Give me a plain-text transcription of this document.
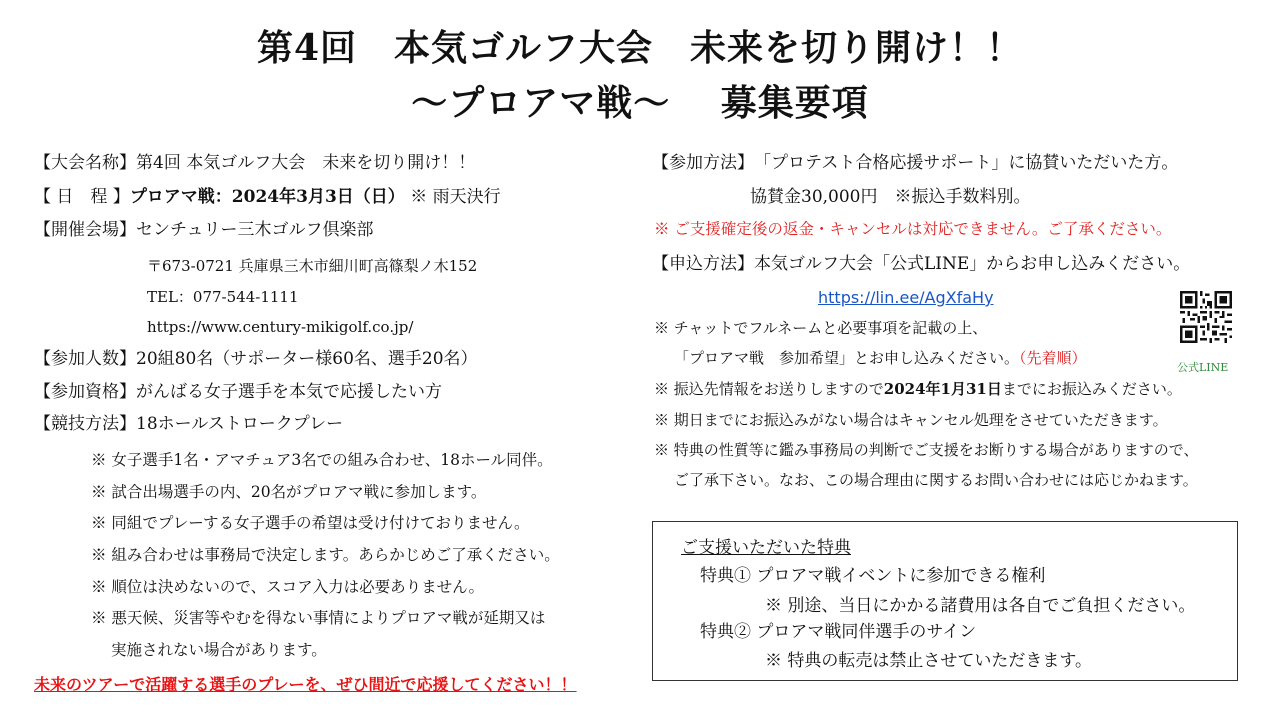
第4回　本気ゴルフ大会　未来を切り開け！！
～プロアマ戦～　 募集要項
【大会名称】第4回 本気ゴルフ大会　未来を切り開け！！
【 日　程 】プロアマ戦：2024年3月3日（日） ※ 雨天決行
【開催会場】センチュリー三木ゴルフ倶楽部
〒673-0721 兵庫県三木市細川町高篠梨ノ木152
TEL：077-544-1111
https://www.century-mikigolf.co.jp/
【参加人数】20組80名（サポーター様60名、選手20名）
【参加資格】がんばる女子選手を本気で応援したい方
【競技方法】18ホールストロークプレー
※ 女子選手1名・アマチュア3名での組み合わせ、18ホール同伴。
※ 試合出場選手の内、20名がプロアマ戦に参加します。
※ 同組でプレーする女子選手の希望は受け付けておりません。
※ 組み合わせは事務局で決定します。あらかじめご了承ください。
※ 順位は決めないので、スコア入力は必要ありません。
※ 悪天候、災害等やむを得ない事情によりプロアマ戦が延期又は
実施されない場合があります。
未来のツアーで活躍する選手のプレーを、ぜひ間近で応援してください！！
【参加方法】「プロテスト合格応援サポート」に協賛いただいた方。
協賛金30,000円　※振込手数料別。
※ ご支援確定後の返金・キャンセルは対応できません。ご了承ください。
【申込方法】本気ゴルフ大会「公式LINE」からお申し込みください。
https://lin.ee/AgXfaHy
※ チャットでフルネームと必要事項を記載の上、
「プロアマ戦　参加希望」とお申し込みください。（先着順）
※ 振込先情報をお送りしますので2024年1月31日までにお振込みください。
※ 期日までにお振込みがない場合はキャンセル処理をさせていただきます。
※ 特典の性質等に鑑み事務局の判断でご支援をお断りする場合がありますので、
ご了承下さい。なお、この場合理由に関するお問い合わせには応じかねます。
公式LINE
ご支援いただいた特典
特典① プロアマ戦イベントに参加できる権利
※ 別途、当日にかかる諸費用は各自でご負担ください。
特典② プロアマ戦同伴選手のサイン
※ 特典の転売は禁止させていただきます。
